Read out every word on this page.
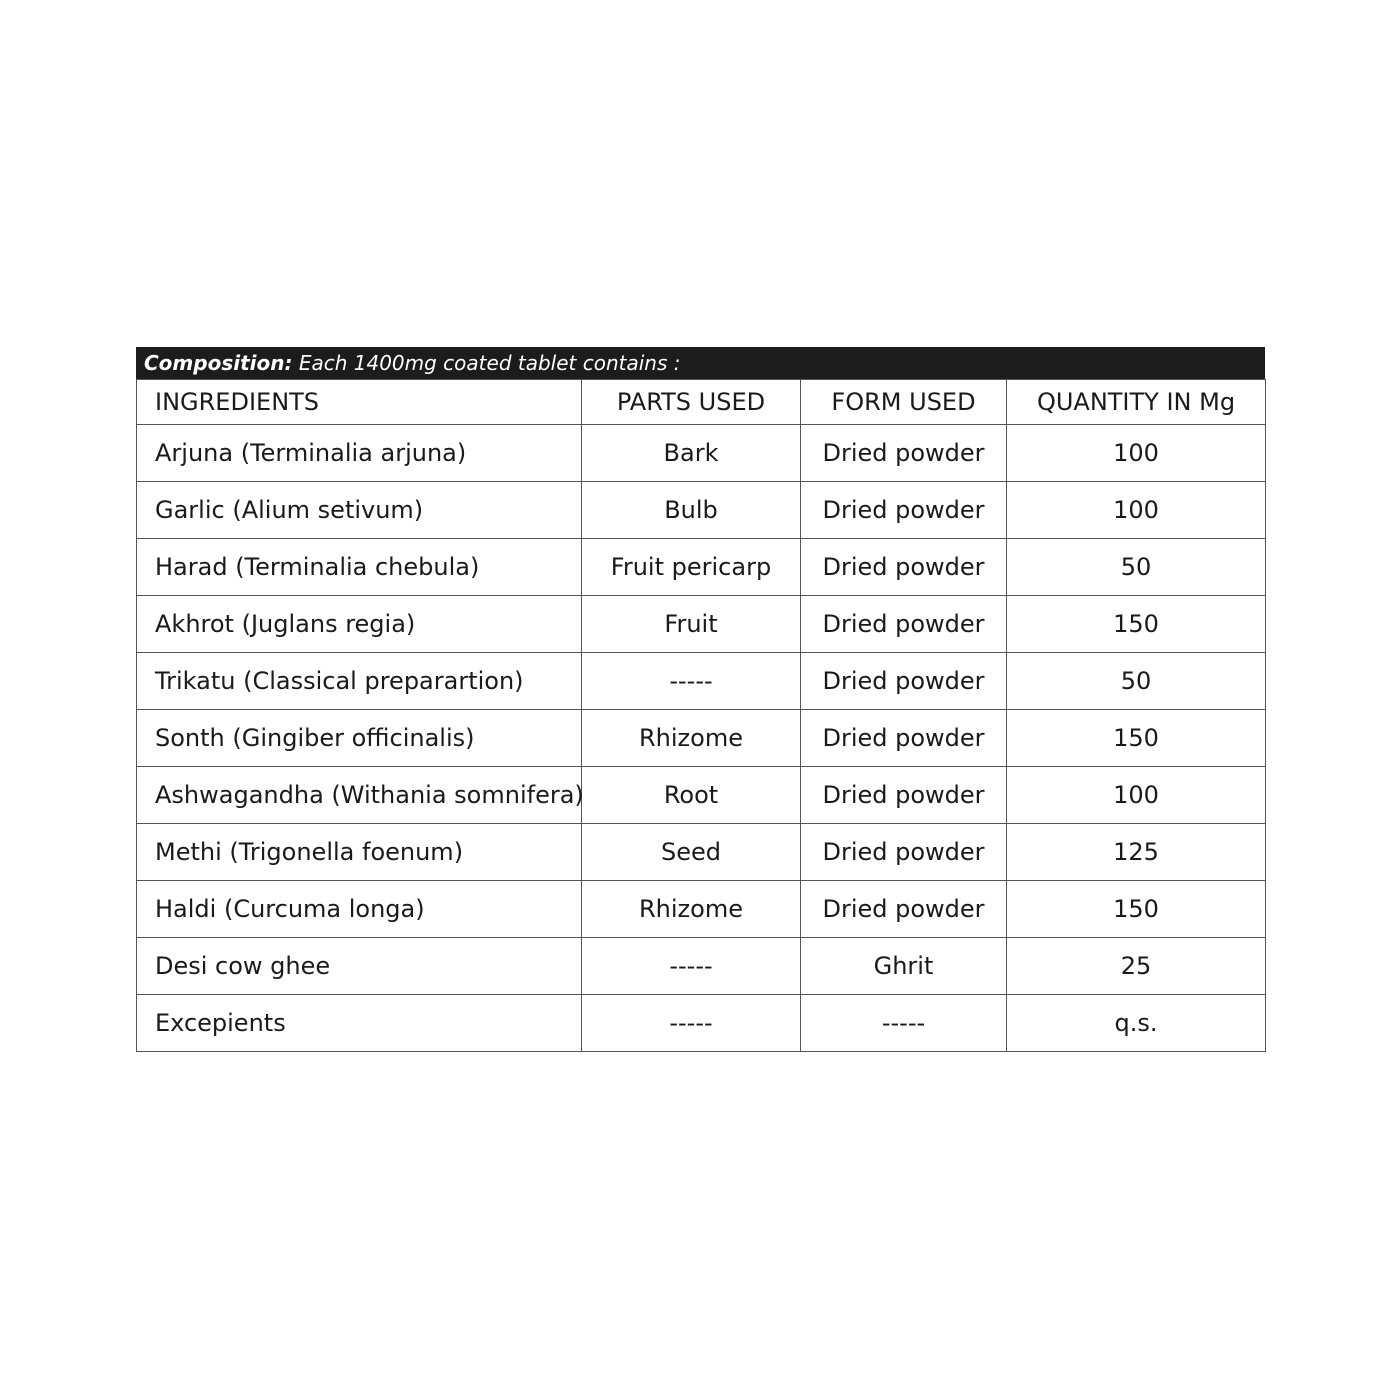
Composition: Each 1400mg coated tablet contains :
INGREDIENTS	PARTS USED	FORM USED	QUANTITY IN Mg
Arjuna (Terminalia arjuna)	Bark	Dried powder	100
Garlic (Alium setivum)	Bulb	Dried powder	100
Harad (Terminalia chebula)	Fruit pericarp	Dried powder	50
Akhrot (Juglans regia)	Fruit	Dried powder	150
Trikatu (Classical preparartion)	-----	Dried powder	50
Sonth (Gingiber officinalis)	Rhizome	Dried powder	150
Ashwagandha (Withania somnifera)	Root	Dried powder	100
Methi (Trigonella foenum)	Seed	Dried powder	125
Haldi (Curcuma longa)	Rhizome	Dried powder	150
Desi cow ghee	-----	Ghrit	25
Excepients	-----	-----	q.s.
